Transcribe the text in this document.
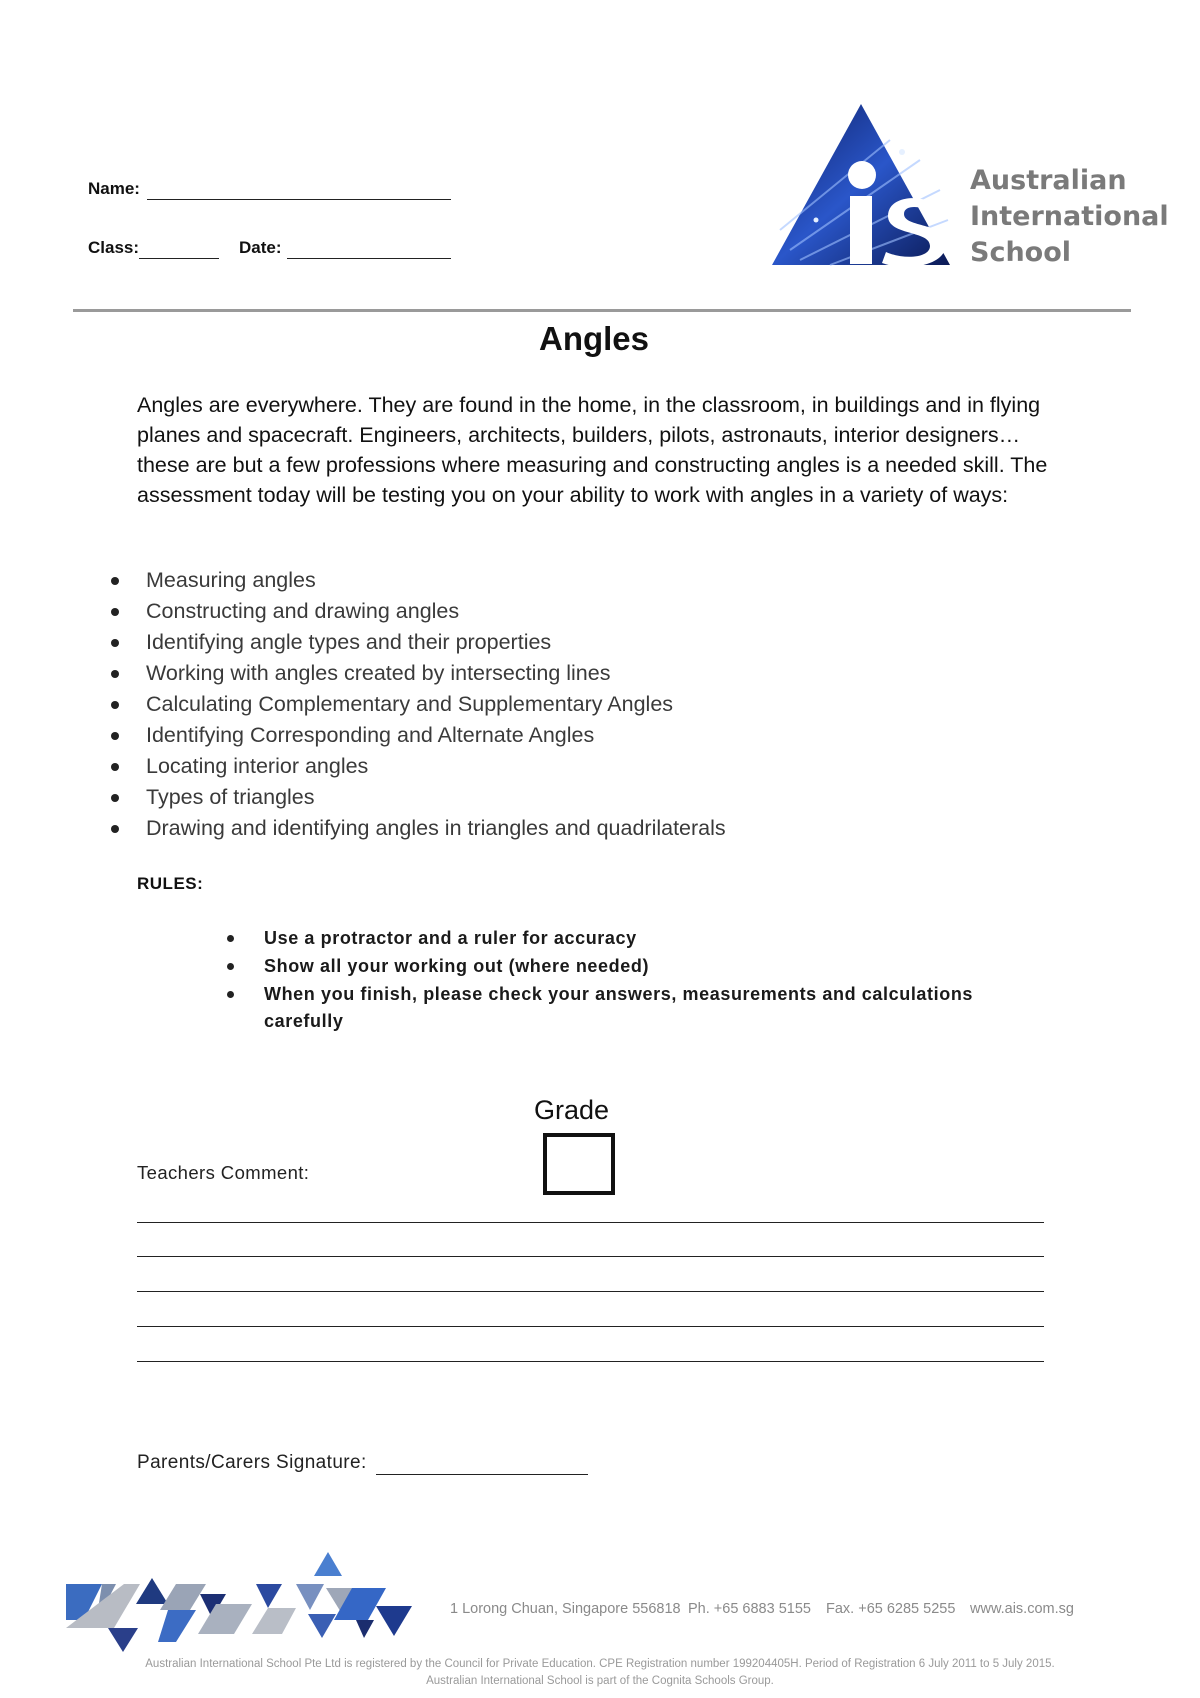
Name:
Class:	Date:
Australian
International
School
Angles
Angles are everywhere. They are found in the home, in the classroom, in buildings and in flying planes and spacecraft. Engineers, architects, builders, pilots, astronauts, interior designers…these are but a few professions where measuring and constructing angles is a needed skill. The assessment today will be testing you on your ability to work with angles in a variety of ways:
Measuring angles
Constructing and drawing angles
Identifying angle types and their properties
Working with angles created by intersecting lines
Calculating Complementary and Supplementary Angles
Identifying Corresponding and Alternate Angles
Locating interior angles
Types of triangles
Drawing and identifying angles in triangles and quadrilaterals
RULES:
Use a protractor and a ruler for accuracy
Show all your working out (where needed)
When you finish, please check your answers, measurements and calculations carefully
Grade
Teachers Comment:
Parents/Carers Signature:
1 Lorong Chuan, Singapore 556818 Ph. +65 6883 5155 Fax. +65 6285 5255 www.ais.com.sg
Australian International School Pte Ltd is registered by the Council for Private Education. CPE Registration number 199204405H. Period of Registration 6 July 2011 to 5 July 2015.
Australian International School is part of the Cognita Schools Group.
